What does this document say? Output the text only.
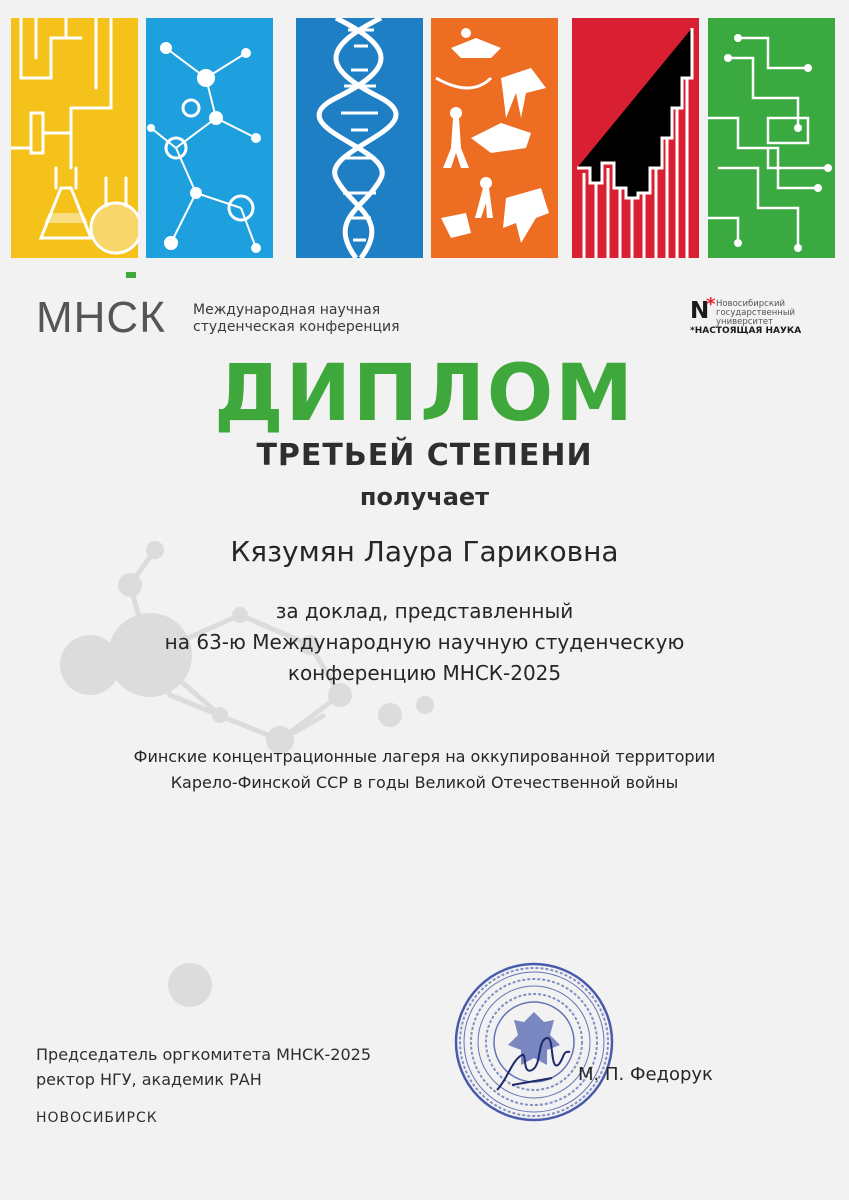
МНСК Международная научная
студенческая конференция
N
* Новосибирский
государственный
университет
*НАСТОЯЩАЯ НАУКА
ДИПЛОМ
ТРЕТЬЕЙ СТЕПЕНИ
получает
Кязумян Лаура Гариковна
за доклад, представленный
на 63-ю Международную научную студенческую
конференцию МНСК-2025
Финские концентрационные лагеря на оккупированной территории
Карело-Финской ССР в годы Великой Отечественной войны
Председатель оргкомитета МНСК-2025
ректор НГУ, академик РАН	М. П. Федорук
НОВОСИБИРСК
